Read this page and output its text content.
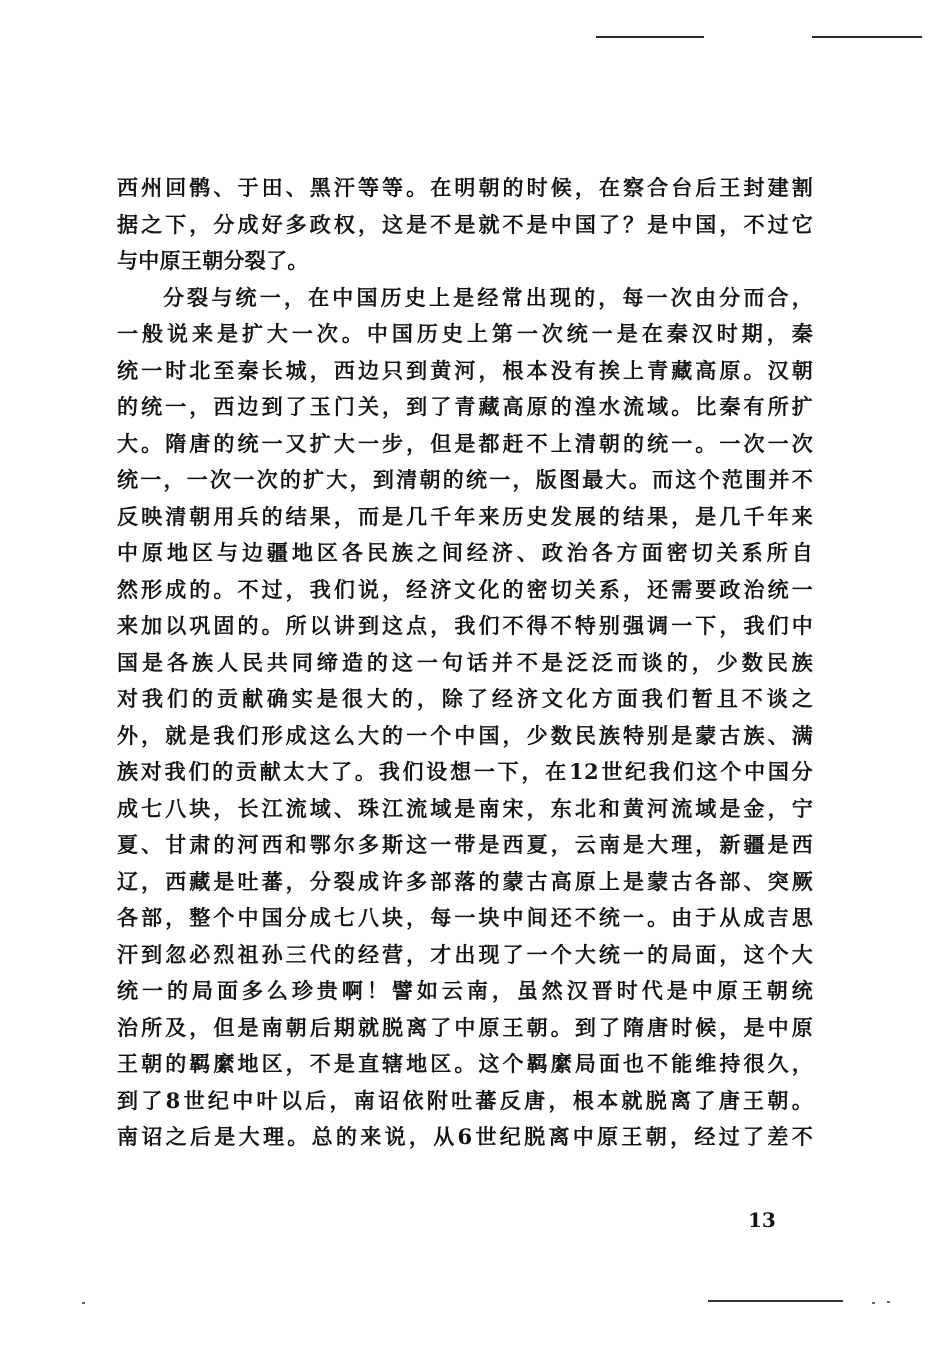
西州回鹘、于田、黑汗等等。在明朝的时候，在察合台后王封建割
据之下，分成好多政权，这是不是就不是中国了？是中国，不过它
与中原王朝分裂了。
分裂与统一，在中国历史上是经常出现的，每一次由分而合，
一般说来是扩大一次。中国历史上第一次统一是在秦汉时期，秦
统一时北至秦长城，西边只到黄河，根本没有挨上青藏高原。汉朝
的统一，西边到了玉门关，到了青藏高原的湟水流域。比秦有所扩
大。隋唐的统一又扩大一步，但是都赶不上清朝的统一。一次一次
统一，一次一次的扩大，到清朝的统一，版图最大。而这个范围并不
反映清朝用兵的结果，而是几千年来历史发展的结果，是几千年来
中原地区与边疆地区各民族之间经济、政治各方面密切关系所自
然形成的。不过，我们说，经济文化的密切关系，还需要政治统一
来加以巩固的。所以讲到这点，我们不得不特别强调一下，我们中
国是各族人民共同缔造的这一句话并不是泛泛而谈的，少数民族
对我们的贡献确实是很大的，除了经济文化方面我们暂且不谈之
外，就是我们形成这么大的一个中国，少数民族特别是蒙古族、满
族对我们的贡献太大了。我们设想一下，在12世纪我们这个中国分
成七八块，长江流域、珠江流域是南宋，东北和黄河流域是金，宁
夏、甘肃的河西和鄂尔多斯这一带是西夏，云南是大理，新疆是西
辽，西藏是吐蕃，分裂成许多部落的蒙古高原上是蒙古各部、突厥
各部，整个中国分成七八块，每一块中间还不统一。由于从成吉思
汗到忽必烈祖孙三代的经营，才出现了一个大统一的局面，这个大
统一的局面多么珍贵啊！譬如云南，虽然汉晋时代是中原王朝统
治所及，但是南朝后期就脱离了中原王朝。到了隋唐时候，是中原
王朝的羁縻地区，不是直辖地区。这个羁縻局面也不能维持很久，
到了8世纪中叶以后，南诏依附吐蕃反唐，根本就脱离了唐王朝。
南诏之后是大理。总的来说，从6世纪脱离中原王朝，经过了差不
13
